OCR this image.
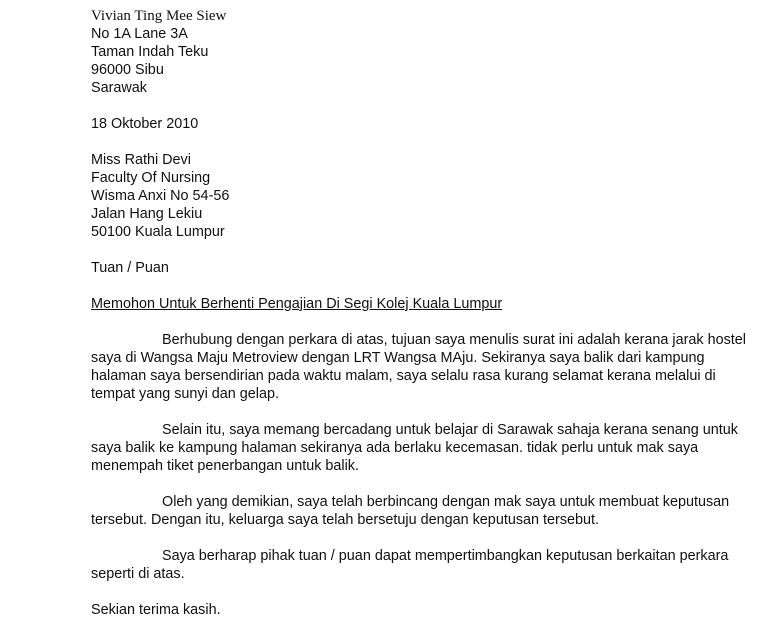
Vivian Ting Mee Siew
No 1A Lane 3A
Taman Indah Teku
96000 Sibu
Sarawak
18 Oktober 2010
Miss Rathi Devi
Faculty Of Nursing
Wisma Anxi No 54-56
Jalan Hang Lekiu
50100 Kuala Lumpur
Tuan / Puan
Memohon Untuk Berhenti Pengajian Di Segi Kolej Kuala Lumpur

Berhubung dengan perkara di atas, tujuan saya menulis surat ini adalah kerana jarak hostel saya di Wangsa Maju Metroview dengan LRT Wangsa MAju. Sekiranya saya balik dari kampung halaman saya bersendirian pada waktu malam, saya selalu rasa kurang selamat kerana melalui di tempat yang sunyi dan gelap.

Selain itu, saya memang bercadang untuk belajar di Sarawak sahaja kerana senang untuk saya balik ke kampung halaman sekiranya ada berlaku kecemasan. tidak perlu untuk mak saya menempah tiket penerbangan untuk balik.

Oleh yang demikian, saya telah berbincang dengan mak saya untuk membuat keputusan tersebut. Dengan itu, keluarga saya telah bersetuju dengan keputusan tersebut.

Saya berharap pihak tuan / puan dapat mempertimbangkan keputusan berkaitan perkara seperti di atas.

Sekian terima kasih.
